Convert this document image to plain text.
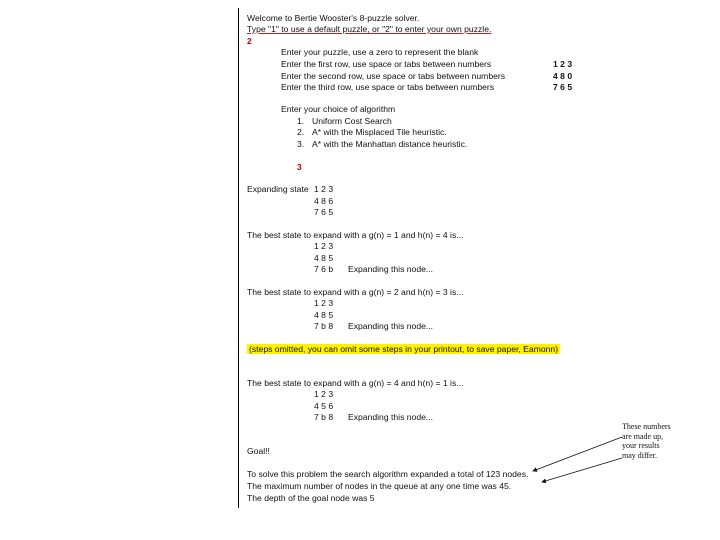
Welcome to Bertie Wooster's 8-puzzle solver.
Type "1" to use a default puzzle, or "2" to enter your own puzzle.
2
Enter your puzzle, use a zero to represent the blank
Enter the first row, use space or tabs between numbers
Enter the second row, use space or tabs between numbers
Enter the third row, use space or tabs between numbers
1 2 3
4 8 0
7 6 5
Enter your choice of algorithm
1. Uniform Cost Search
2. A* with the Misplaced Tile heuristic.
3. A* with the Manhattan distance heuristic.
3
Expanding state 1 2 3
4 8 6
7 6 5
The best state to expand with a g(n) = 1 and h(n) = 4 is...
1 2 3
4 8 5
7 6 b Expanding this node...
The best state to expand with a g(n) = 2 and h(n) = 3 is...
1 2 3
4 8 5
7 b 8 Expanding this node...
(steps omitted, you can omit some steps in your printout, to save paper, Eamonn)
The best state to expand with a g(n) = 4 and h(n) = 1 is...
1 2 3
4 5 6
7 b 8 Expanding this node...
Goal!!
To solve this problem the search algorithm expanded a total of 123 nodes.
The maximum number of nodes in the queue at any one time was 45.
The depth of the goal node was 5
These numbers
are made up,
your results
may differ.
